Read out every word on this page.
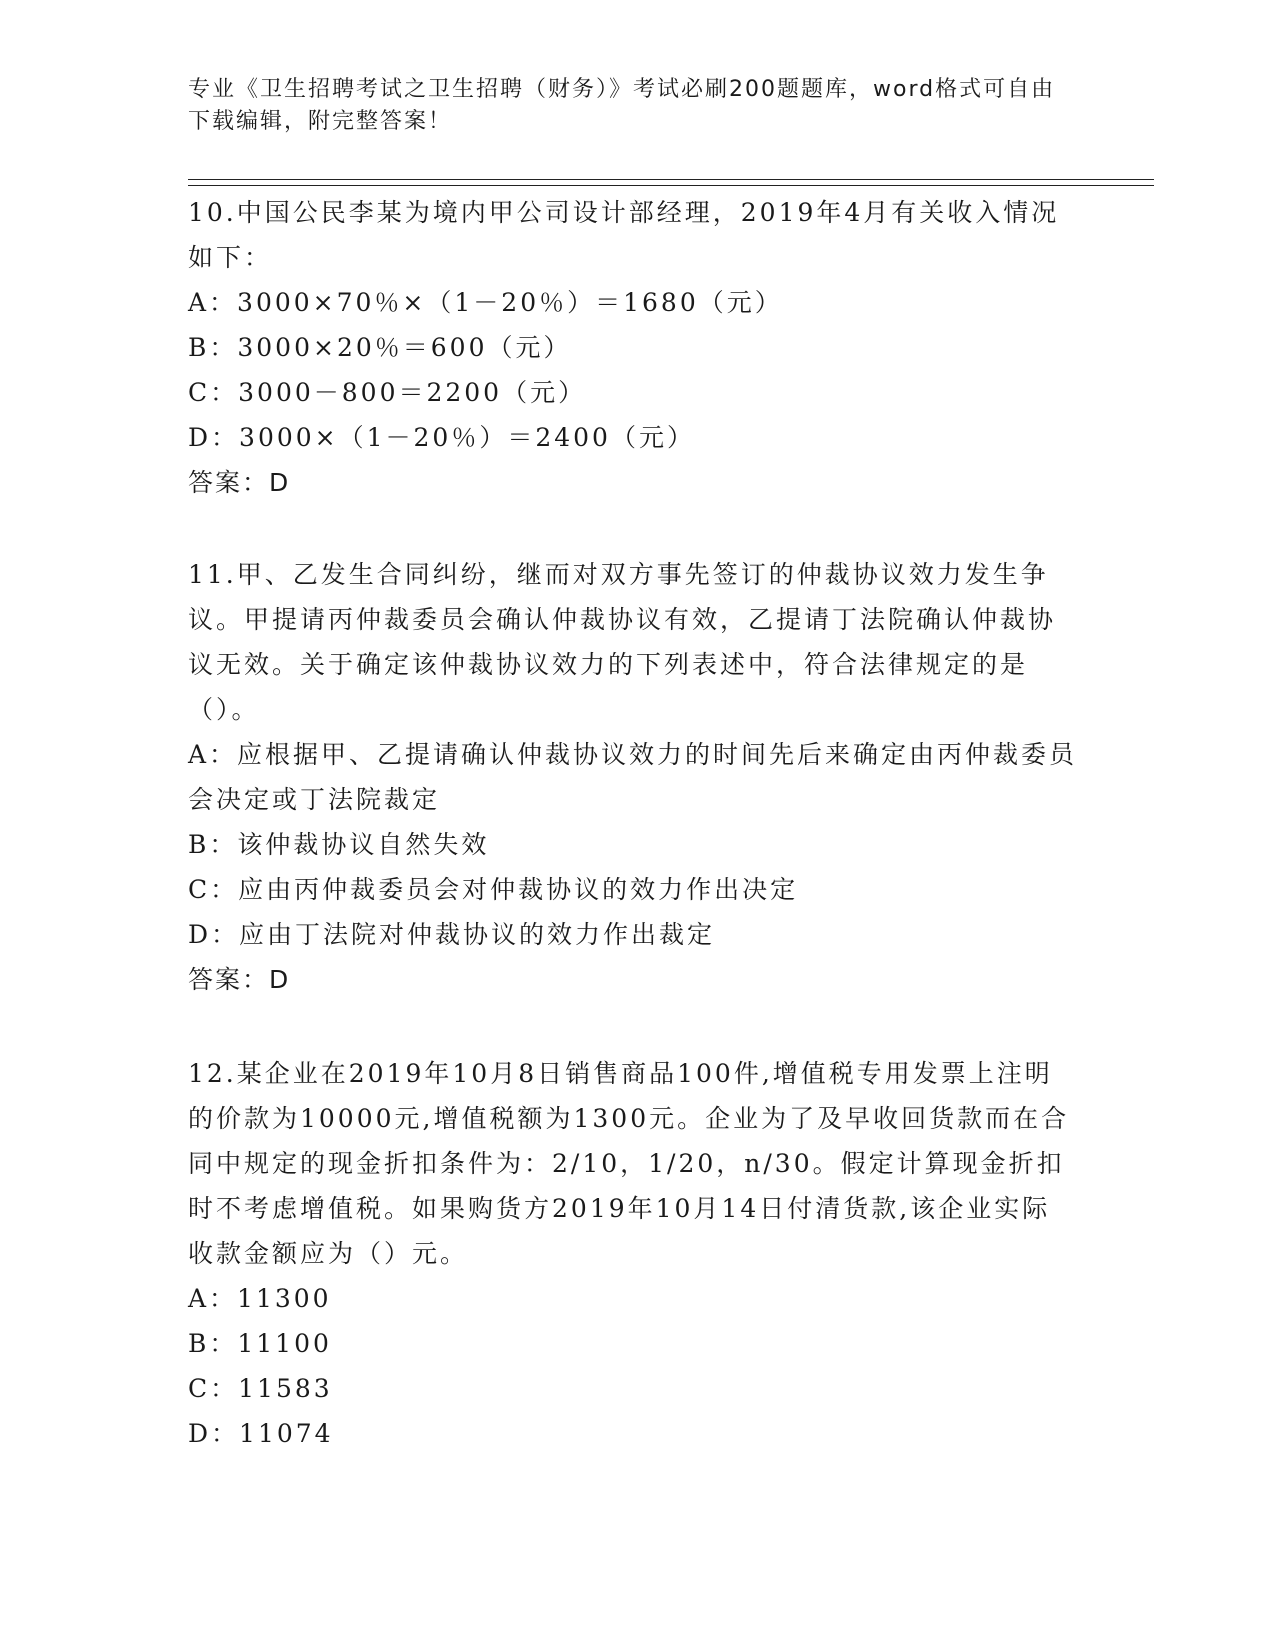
专业《卫生招聘考试之卫生招聘（财务）》考试必刷200题题库，word格式可自由下载编辑，附完整答案！

10.中国公民李某为境内甲公司设计部经理，2019年4月有关收入情况如下：

A：3000×70％×（1－20％）＝1680（元）

B：3000×20％＝600（元）

C：3000－800＝2200（元）

D：3000×（1－20％）＝2400（元）

答案：D

11.甲、乙发生合同纠纷，继而对双方事先签订的仲裁协议效力发生争议。甲提请丙仲裁委员会确认仲裁协议有效，乙提请丁法院确认仲裁协议无效。关于确定该仲裁协议效力的下列表述中，符合法律规定的是（）。

A：应根据甲、乙提请确认仲裁协议效力的时间先后来确定由丙仲裁委员会决定或丁法院裁定

B：该仲裁协议自然失效

C：应由丙仲裁委员会对仲裁协议的效力作出决定

D：应由丁法院对仲裁协议的效力作出裁定

答案：D

12.某企业在2019年10月8日销售商品100件,增值税专用发票上注明的价款为10000元,增值税额为1300元。企业为了及早收回货款而在合同中规定的现金折扣条件为：2/10，1/20，n/30。假定计算现金折扣时不考虑增值税。如果购货方2019年10月14日付清货款,该企业实际收款金额应为（）元。

A：11300

B：11100

C：11583

D：11074
